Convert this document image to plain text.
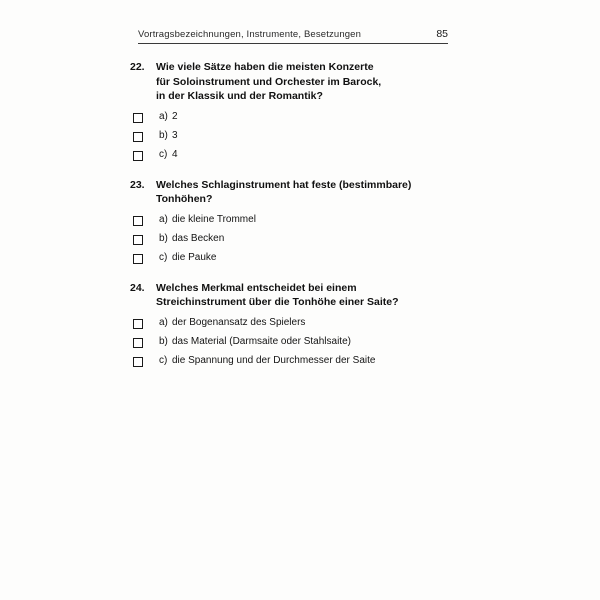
Vortragsbezeichnungen, Instrumente, Besetzungen	85
22.	Wie viele Sätze haben die meisten Konzerte
für Soloinstrument und Orchester im Barock,
in der Klassik und der Romantik?
a) 2
b) 3
c) 4
23.	Welches Schlaginstrument hat feste (bestimmbare)
Tonhöhen?
a) die kleine Trommel
b) das Becken
c) die Pauke
24.	Welches Merkmal entscheidet bei einem
Streichinstrument über die Tonhöhe einer Saite?
a) der Bogenansatz des Spielers
b) das Material (Darmsaite oder Stahlsaite)
c) die Spannung und der Durchmesser der Saite
